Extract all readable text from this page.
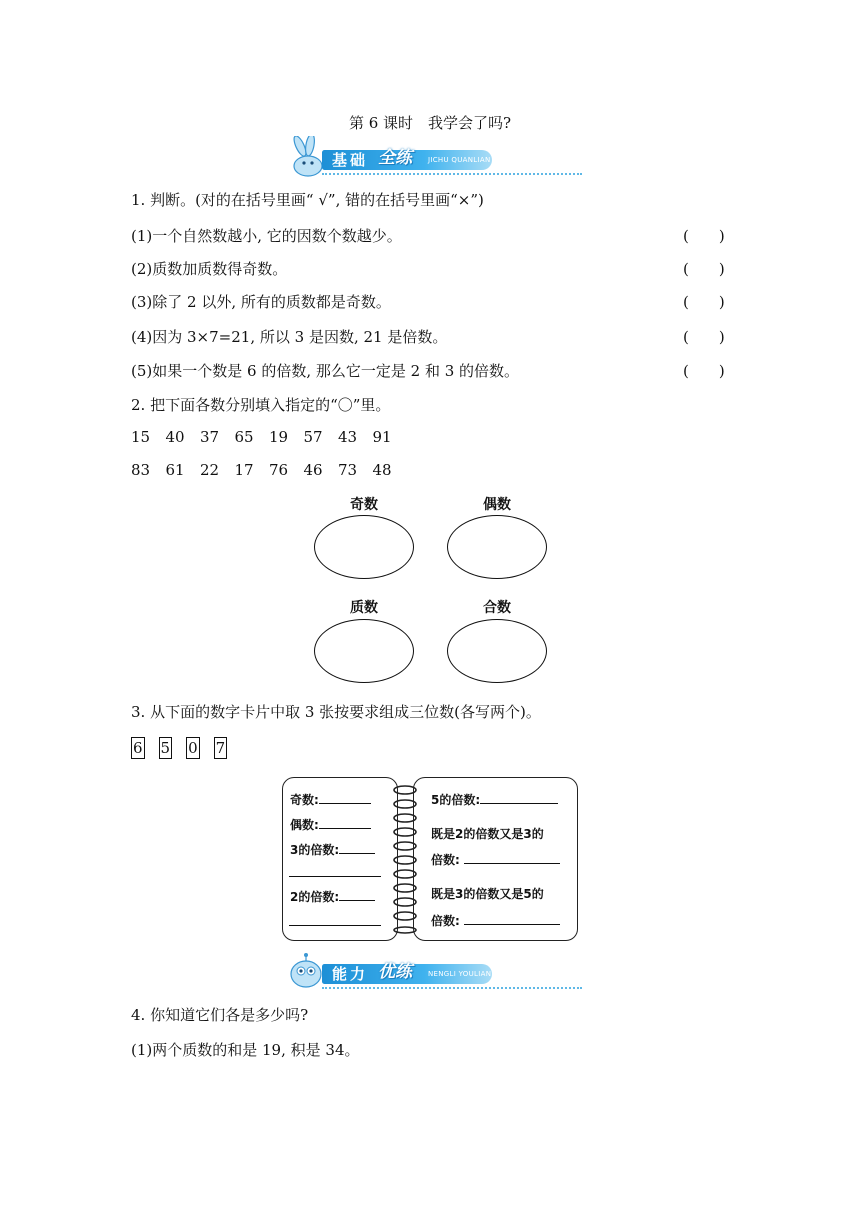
第 6 课时　我学会了吗?
基础 全练 JICHU QUANLIAN
1. 判断。(对的在括号里画“ √”, 错的在括号里画“×”)
(1)一个自然数越小, 它的因数个数越少。	(　　)
(2)质数加质数得奇数。	(　　)
(3)除了 2 以外, 所有的质数都是奇数。	(　　)
(4)因为 3×7=21, 所以 3 是因数, 21 是倍数。	(　　)
(5)如果一个数是 6 的倍数, 那么它一定是 2 和 3 的倍数。	(　　)
2. 把下面各数分别填入指定的“〇”里。
15 40 37 65 19 57 43 91
83 61 22 17 76 46 73 48
奇数	偶数
质数	合数
3. 从下面的数字卡片中取 3 张按要求组成三位数(各写两个)。
6 5 0 7
奇数:
偶数:
3的倍数:
2的倍数:
5的倍数:
既是2的倍数又是3的
倍数:
既是3的倍数又是5的
倍数:
能力 优练 NENGLI YOULIAN
4. 你知道它们各是多少吗?
(1)两个质数的和是 19, 积是 34。
